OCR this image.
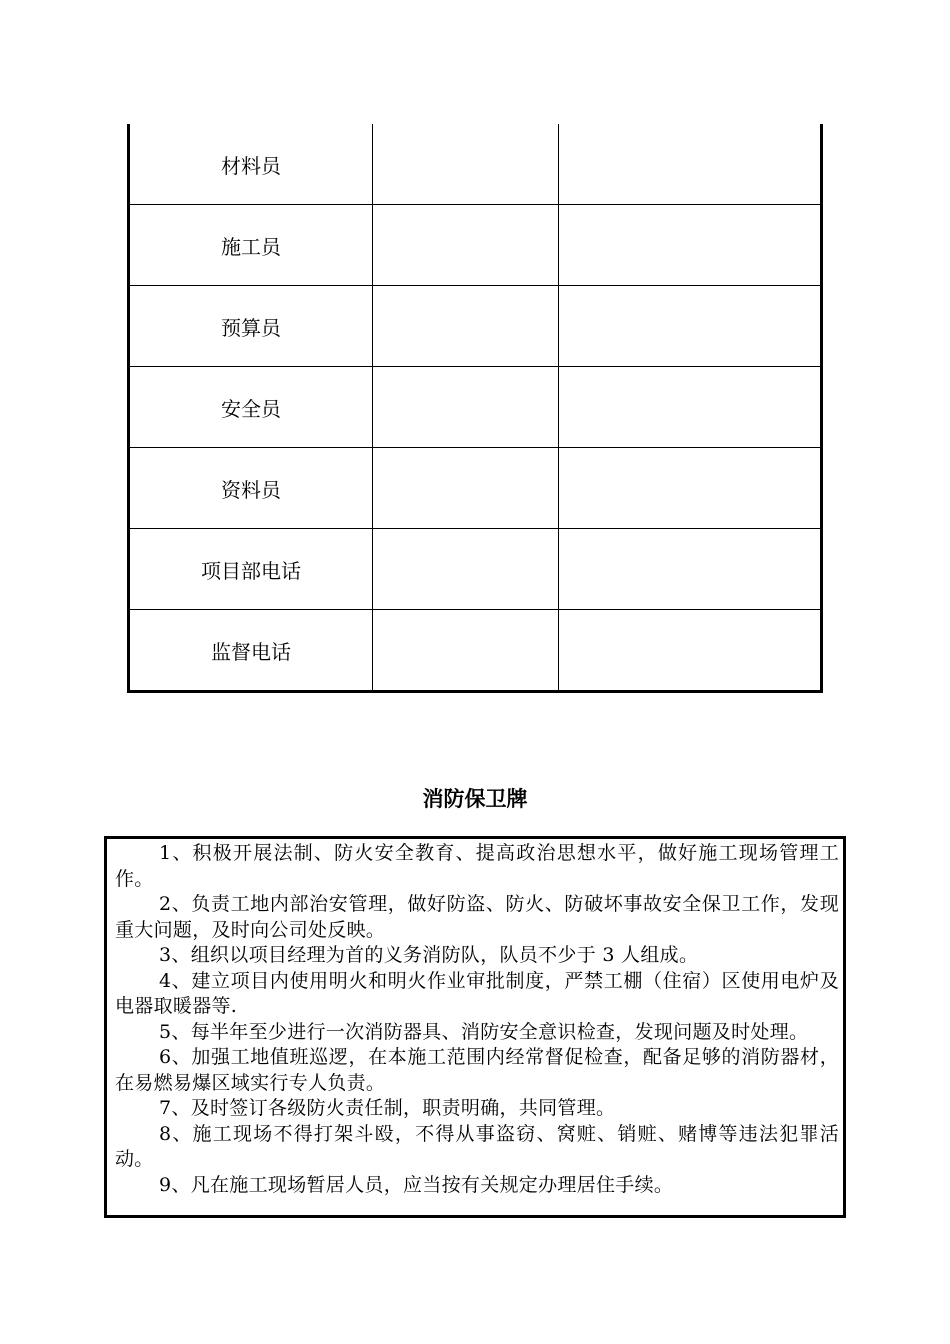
材料员		
施工员		
预算员		
安全员		
资料员		
项目部电话		
监督电话		
消防保卫牌

1、积极开展法制、防火安全教育、提高政治思想水平，做好施工现场管理工作。

2、负责工地内部治安管理，做好防盗、防火、防破坏事故安全保卫工作，发现重大问题，及时向公司处反映。

3、组织以项目经理为首的义务消防队，队员不少于 3 人组成。

4、建立项目内使用明火和明火作业审批制度，严禁工棚（住宿）区使用电炉及电器取暖器等.

5、每半年至少进行一次消防器具、消防安全意识检查，发现问题及时处理。

6、加强工地值班巡逻，在本施工范围内经常督促检查，配备足够的消防器材，在易燃易爆区域实行专人负责。

7、及时签订各级防火责任制，职责明确，共同管理。

8、施工现场不得打架斗殴，不得从事盗窃、窝赃、销赃、赌博等违法犯罪活动。

9、凡在施工现场暂居人员，应当按有关规定办理居住手续。
